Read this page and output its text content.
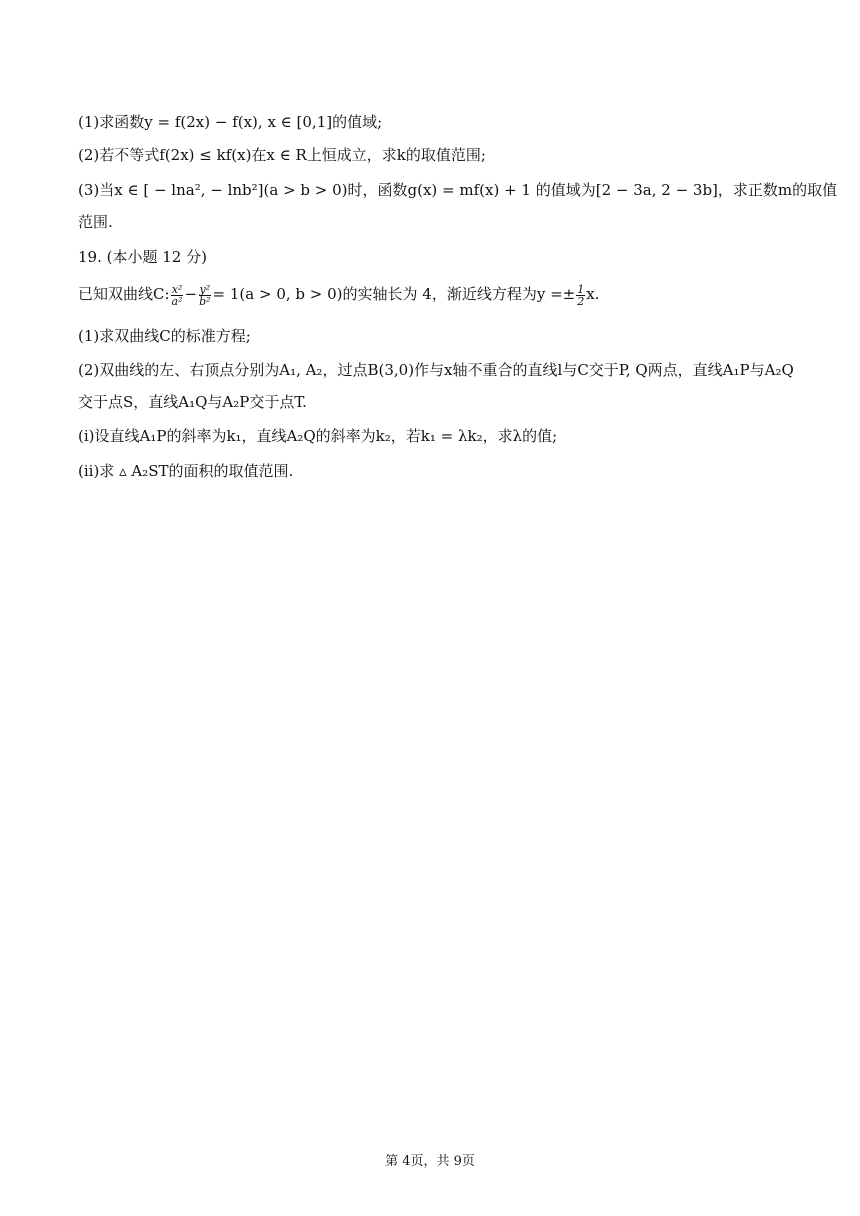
(1)求函数y = f(2x) − f(x), x ∈ [0,1]的值域;
(2)若不等式f(2x) ≤ kf(x)在x ∈ R上恒成立，求k的取值范围;
(3)当x ∈ [ − lna², − lnb²](a > b > 0)时，函数g(x) = mf(x) + 1 的值域为[2 − 3a, 2 − 3b]，求正数m的取值
范围.
19. (本小题 12 分)
已知双曲线C: $\frac{\text{x²}}{\text{a²}} - \frac{\text{y²}}{\text{b²}} = 1(a > 0$, b > 0)的实轴长为 4，渐近线方程为$y =\pm \frac{1}{2} x$.
(1)求双曲线C的标准方程;
(2)双曲线的左、右顶点分别为A₁, A₂，过点B(3,0)作与x轴不重合的直线l与C交于P, Q两点，直线A₁P与A₂Q
交于点S，直线A₁Q与A₂P交于点T.
(i)设直线A₁P的斜率为k₁，直线A₂Q的斜率为k₂，若k₁ = λk₂，求λ的值;
(ii)求 ▵ A₂ST的面积的取值范围.
第 4页，共 9页
